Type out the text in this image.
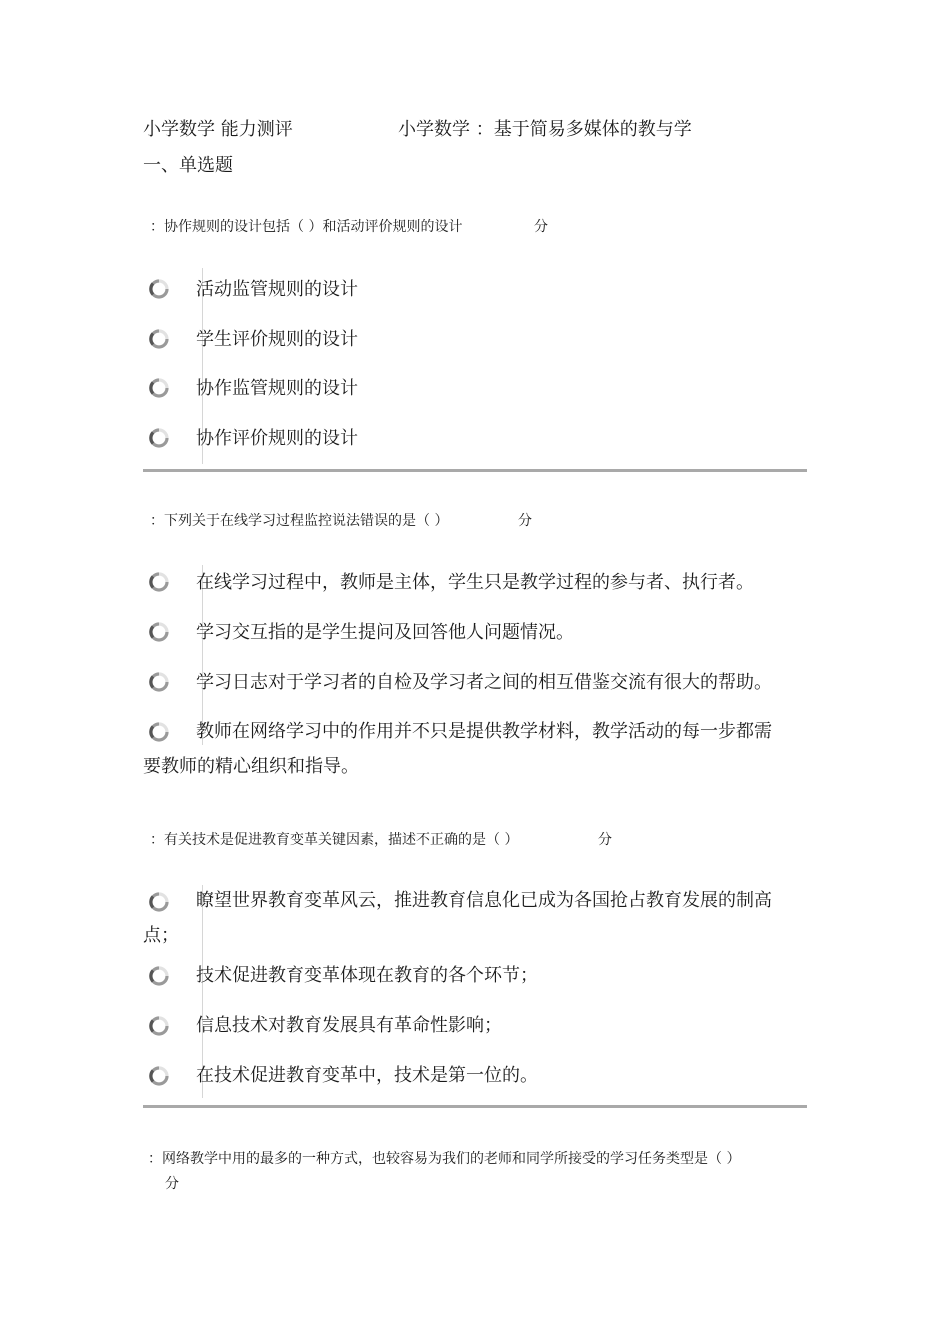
小学数学 能力测评	小学数学 ：基于简易多媒体的教与学
一、单选题
：协作规则的设计包括（ ）和活动评价规则的设计	分
活动监管规则的设计
学生评价规则的设计
协作监管规则的设计
协作评价规则的设计
：下列关于在线学习过程监控说法错误的是（ ）	分
在线学习过程中，教师是主体，学生只是教学过程的参与者、执行者。
学习交互指的是学生提问及回答他人问题情况。
学习日志对于学习者的自检及学习者之间的相互借鉴交流有很大的帮助。
教师在网络学习中的作用并不只是提供教学材料，教学活动的每一步都需
要教师的精心组织和指导。
：有关技术是促进教育变革关键因素，描述不正确的是（ ）	分
瞭望世界教育变革风云，推进教育信息化已成为各国抢占教育发展的制高
点；
技术促进教育变革体现在教育的各个环节；
信息技术对教育发展具有革命性影响；
在技术促进教育变革中，技术是第一位的。
：网络教学中用的最多的一种方式，也较容易为我们的老师和同学所接受的学习任务类型是（ ）
分
